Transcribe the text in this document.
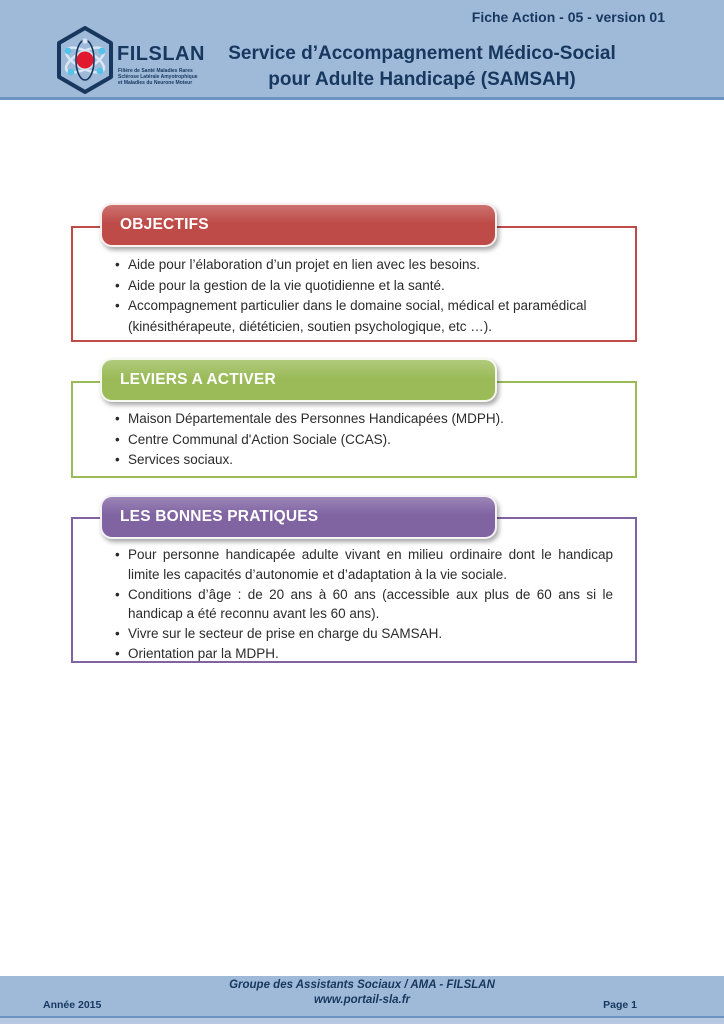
FILSLAN
Filière de Santé Maladies Rares
Sclérose Latérale Amyotrophique
et Maladies du Neurone Moteur
Fiche Action - 05 - version 01
Service d’Accompagnement Médico-Social
pour Adulte Handicapé (SAMSAH)
• Aide pour l’élaboration d’un projet en lien avec les besoins.
• Aide pour la gestion de la vie quotidienne et la santé.
• Accompagnement particulier dans le domaine social, médical et paramédical (kinésithérapeute, diététicien, soutien psychologique, etc …).
OBJECTIFS
• Maison Départementale des Personnes Handicapées (MDPH).
• Centre Communal d'Action Sociale (CCAS).
• Services sociaux.
LEVIERS A ACTIVER
• Pour personne handicapée adulte vivant en milieu ordinaire dont le handicap limite les capacités d’autonomie et d’adaptation à la vie sociale.
• Conditions d’âge : de 20 ans à 60 ans (accessible aux plus de 60 ans si le handicap a été reconnu avant les 60 ans).
• Vivre sur le secteur de prise en charge du SAMSAH.
• Orientation par la MDPH.
LES BONNES PRATIQUES
Groupe des Assistants Sociaux / AMA - FILSLAN
www.portail-sla.fr
Année 2015	Page 1
